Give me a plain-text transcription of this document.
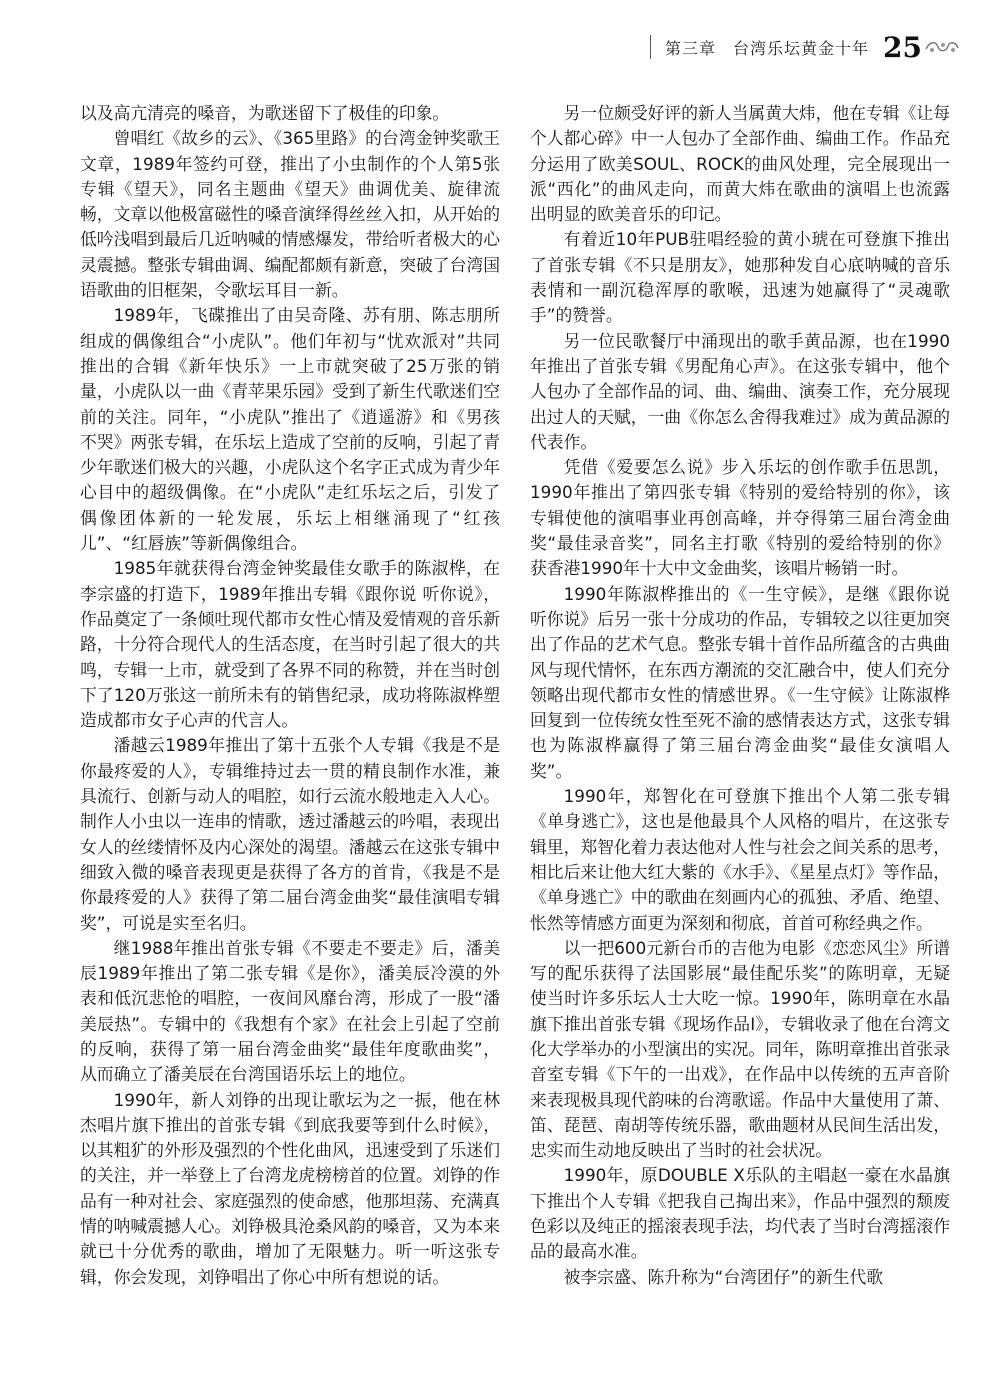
第三章　台湾乐坛黄金十年 25

以及高亢清亮的嗓音，为歌迷留下了极佳的印象。

曾唱红《故乡的云》、《365里路》的台湾金钟奖歌王文章，1989年签约可登，推出了小虫制作的个人第5张专辑《望天》，同名主题曲《望天》曲调优美、旋律流畅，文章以他极富磁性的嗓音演绎得丝丝入扣，从开始的低吟浅唱到最后几近呐喊的情感爆发，带给听者极大的心灵震撼。整张专辑曲调、编配都颇有新意，突破了台湾国语歌曲的旧框架，令歌坛耳目一新。

1989年，飞碟推出了由吴奇隆、苏有朋、陈志朋所组成的偶像组合“小虎队”。他们年初与“忧欢派对”共同推出的合辑《新年快乐》一上市就突破了25万张的销量，小虎队以一曲《青苹果乐园》受到了新生代歌迷们空前的关注。同年，“小虎队”推出了《逍遥游》和《男孩不哭》两张专辑，在乐坛上造成了空前的反响，引起了青少年歌迷们极大的兴趣，小虎队这个名字正式成为青少年心目中的超级偶像。在“小虎队”走红乐坛之后，引发了偶像团体新的一轮发展，乐坛上相继涌现了“红孩儿”、“红唇族”等新偶像组合。

1985年就获得台湾金钟奖最佳女歌手的陈淑桦，在李宗盛的打造下，1989年推出专辑《跟你说 听你说》，作品奠定了一条倾吐现代都市女性心情及爱情观的音乐新路，十分符合现代人的生活态度，在当时引起了很大的共鸣，专辑一上市，就受到了各界不同的称赞，并在当时创下了120万张这一前所未有的销售纪录，成功将陈淑桦塑造成都市女子心声的代言人。

潘越云1989年推出了第十五张个人专辑《我是不是你最疼爱的人》，专辑维持过去一贯的精良制作水准，兼具流行、创新与动人的唱腔，如行云流水般地走入人心。制作人小虫以一连串的情歌，透过潘越云的吟唱，表现出女人的丝缕情怀及内心深处的渴望。潘越云在这张专辑中细致入微的嗓音表现更是获得了各方的首肯，《我是不是你最疼爱的人》获得了第二届台湾金曲奖“最佳演唱专辑奖”，可说是实至名归。

继1988年推出首张专辑《不要走不要走》后，潘美辰1989年推出了第二张专辑《是你》，潘美辰冷漠的外表和低沉悲怆的唱腔，一夜间风靡台湾，形成了一股“潘美辰热”。专辑中的《我想有个家》在社会上引起了空前的反响，获得了第一届台湾金曲奖“最佳年度歌曲奖”，从而确立了潘美辰在台湾国语乐坛上的地位。

1990年，新人刘铮的出现让歌坛为之一振，他在林杰唱片旗下推出的首张专辑《到底我要等到什么时候》，以其粗犷的外形及强烈的个性化曲风，迅速受到了乐迷们的关注，并一举登上了台湾龙虎榜榜首的位置。刘铮的作品有一种对社会、家庭强烈的使命感，他那坦荡、充满真情的呐喊震撼人心。刘铮极具沧桑风韵的嗓音，又为本来就已十分优秀的歌曲，增加了无限魅力。听一听这张专辑，你会发现，刘铮唱出了你心中所有想说的话。

另一位颇受好评的新人当属黄大炜，他在专辑《让每个人都心碎》中一人包办了全部作曲、编曲工作。作品充分运用了欧美SOUL、ROCK的曲风处理，完全展现出一派“西化”的曲风走向，而黄大炜在歌曲的演唱上也流露出明显的欧美音乐的印记。

有着近10年PUB驻唱经验的黄小琥在可登旗下推出了首张专辑《不只是朋友》，她那种发自心底呐喊的音乐表情和一副沉稳浑厚的歌喉，迅速为她赢得了“灵魂歌手”的赞誉。

另一位民歌餐厅中涌现出的歌手黄品源，也在1990年推出了首张专辑《男配角心声》。在这张专辑中，他个人包办了全部作品的词、曲、编曲、演奏工作，充分展现出过人的天赋，一曲《你怎么舍得我难过》成为黄品源的代表作。

凭借《爱要怎么说》步入乐坛的创作歌手伍思凯，1990年推出了第四张专辑《特别的爱给特别的你》，该专辑使他的演唱事业再创高峰，并夺得第三届台湾金曲奖“最佳录音奖”，同名主打歌《特别的爱给特别的你》获香港1990年十大中文金曲奖，该唱片畅销一时。

1990年陈淑桦推出的《一生守候》，是继《跟你说 听你说》后另一张十分成功的作品，专辑较之以往更加突出了作品的艺术气息。整张专辑十首作品所蕴含的古典曲风与现代情怀，在东西方潮流的交汇融合中，使人们充分领略出现代都市女性的情感世界。《一生守候》让陈淑桦回复到一位传统女性至死不渝的感情表达方式，这张专辑也为陈淑桦赢得了第三届台湾金曲奖“最佳女演唱人奖”。

1990年，郑智化在可登旗下推出个人第二张专辑《单身逃亡》，这也是他最具个人风格的唱片，在这张专辑里，郑智化着力表达他对人性与社会之间关系的思考，相比后来让他大红大紫的《水手》、《星星点灯》等作品，《单身逃亡》中的歌曲在刻画内心的孤独、矛盾、绝望、怅然等情感方面更为深刻和彻底，首首可称经典之作。

以一把600元新台币的吉他为电影《恋恋风尘》所谱写的配乐获得了法国影展“最佳配乐奖”的陈明章，无疑使当时许多乐坛人士大吃一惊。1990年，陈明章在水晶旗下推出首张专辑《现场作品Ⅰ》，专辑收录了他在台湾文化大学举办的小型演出的实况。同年，陈明章推出首张录音室专辑《下午的一出戏》，在作品中以传统的五声音阶来表现极具现代韵味的台湾歌谣。作品中大量使用了萧、笛、琵琶、南胡等传统乐器，歌曲题材从民间生活出发，忠实而生动地反映出了当时的社会状况。

1990年，原DOUBLE X乐队的主唱赵一豪在水晶旗下推出个人专辑《把我自己掏出来》，作品中强烈的颓废色彩以及纯正的摇滚表现手法，均代表了当时台湾摇滚作品的最高水准。

被李宗盛、陈升称为“台湾团仔”的新生代歌
